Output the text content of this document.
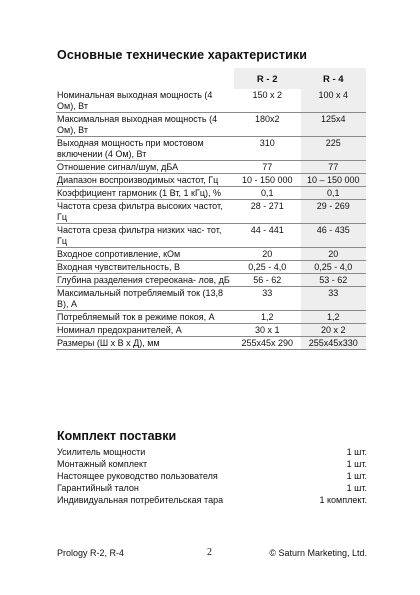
Основные технические характеристики
	R - 2	R - 4
Номинальная выходная мощность (4 Ом), Вт	150 x 2	100 x 4
Максимальная выходная мощность (4 Ом), Вт	180x2	125x4
Выходная мощность при мостовом включении (4 Ом), Вт	310	225
Отношение сигнал/шум, дБА	77	77
Диапазон воспроизводимых частот, Гц	10 - 150 000	10 – 150 000
Коэффициент гармоник (1 Вт, 1 кГц), %	0,1	0,1
Частота среза фильтра высоких частот, Гц	28 - 271	29 - 269
Частота среза фильтра низких час- тот, Гц	44 - 441	46 - 435
Входное сопротивление, кОм	20	20
Входная чувствительность, В	0,25 - 4,0	0,25 - 4,0
Глубина разделения стереокана- лов, дБ	56 - 62	53 - 62
Максимальный потребляемый ток (13,8 В), А	33	33
Потребляемый ток в режиме покоя, А	1,2	1,2
Номинал предохранителей, А	30 x 1	20 x 2
Размеры (Ш x В x Д), мм	255x45x 290	255x45x330
Комплект поставки
Усилитель мощности	1 шт.
Монтажный комплект	1 шт.
Настоящее руководство пользователя	1 шт.
Гарантийный талон	1 шт.
Индивидуальная потребительская тара	1 комплект.
Prology R-2, R-4	2	© Saturn Marketing, Ltd.
